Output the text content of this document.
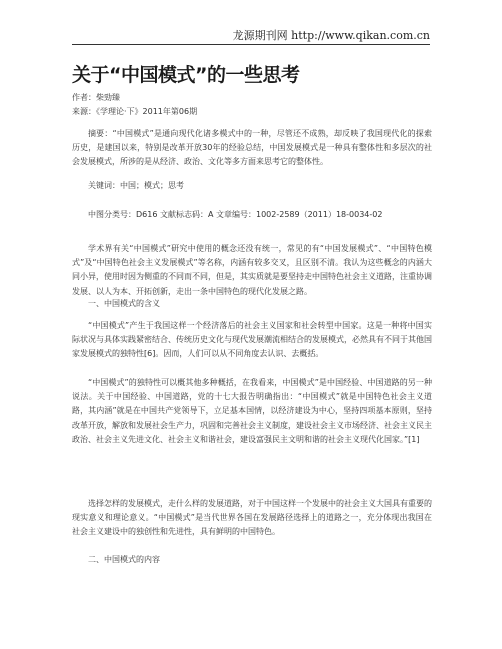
龙源期刊网 http://www.qikan.com.cn
关于“中国模式”的一些思考
作者：柴勁臻
来源：《学理论·下》2011年第06期

摘要：“中国模式”是通向现代化诸多模式中的一种，尽管还不成熟，却反映了我国现代化的探索历史，是建国以来，特别是改革开放30年的经验总结，中国发展模式是一种具有整体性和多层次的社会发展模式，所涉的是从经济、政治、文化等多方面来思考它的整体性。

关键词：中国；模式；思考
中图分类号：D616 文献标志码：A 文章编号：1002-2589（2011）18-0034-02

学术界有关“中国模式”研究中使用的概念还没有统一，常见的有“中国发展模式”、“中国特色模式”及“中国特色社会主义发展模式”等名称，内涵有较多交叉，且区别不清。我认为这些概念的内涵大同小异，使用时因为侧重的不同而不同，但是，其实质就是要坚持走中国特色社会主义道路，注重协调发展、以人为本、开拓创新，走出一条中国特色的现代化发展之路。

一、中国模式的含义

“中国模式”产生于我国这样一个经济落后的社会主义国家和社会转型中国家。这是一种将中国实际状况与具体实践紧密结合、传统历史文化与现代发展潮流相结合的发展模式，必然具有不同于其他国家发展模式的独特性[6]。因而，人们可以从不同角度去认识、去概括。

“中国模式”的独特性可以概其他多种概括，在我看来，中国模式”是中国经验、中国道路的另一种说法。关于中国经验、中国道路，党的十七大报告明确指出：“中国模式”就是中国特色社会主义道路，其内涵”就是在中国共产党领导下，立足基本国情，以经济建设为中心，坚持四项基本原则，坚持改革开放，解放和发展社会生产力，巩固和完善社会主义制度，建设社会主义市场经济、社会主义民主政治、社会主义先进文化、社会主义和谐社会，建设富强民主文明和谐的社会主义现代化国家。”[1]

选择怎样的发展模式，走什么样的发展道路，对于中国这样一个发展中的社会主义大国具有重要的现实意义和理论意义。“中国模式”是当代世界各国在发展路径选择上的道路之一，充分体现出我国在社会主义建设中的独创性和先进性，具有鲜明的中国特色。

二、中国模式的内容
